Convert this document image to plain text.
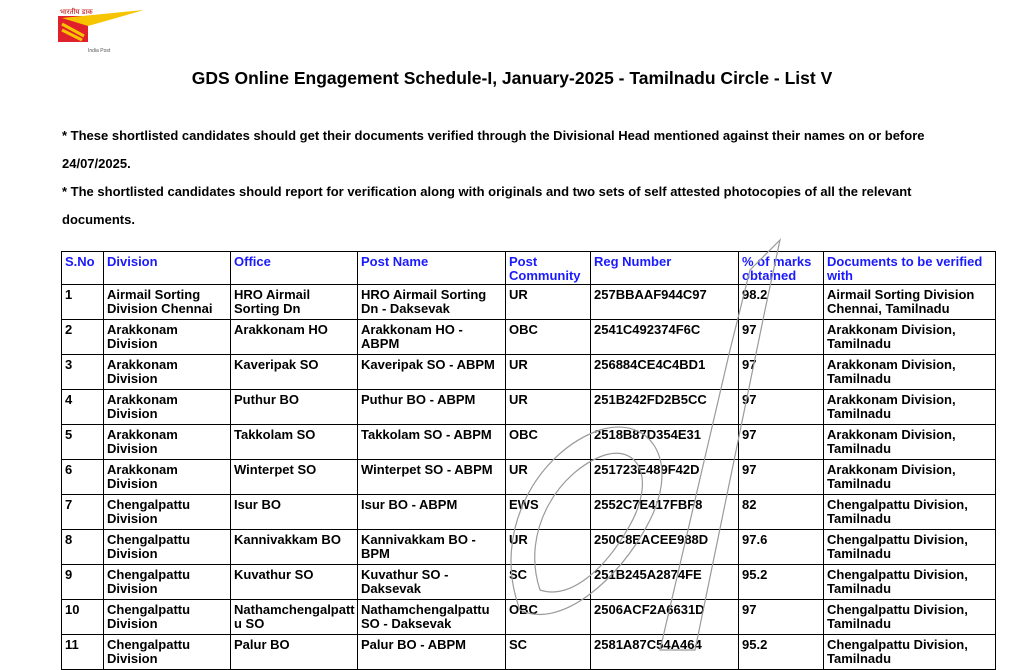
भारतीय डाक
India Post
GDS Online Engagement Schedule-I, January-2025 - Tamilnadu Circle - List V
* These shortlisted candidates should get their documents verified through the Divisional Head mentioned against their names on or before 24/07/2025.
* The shortlisted candidates should report for verification along with originals and two sets of self attested photocopies of all the relevant documents.
S.No	Division	Office	Post Name	Post Community	Reg Number	% of marks obtained	Documents to be verified with
1	Airmail Sorting Division Chennai	HRO Airmail Sorting Dn	HRO Airmail Sorting Dn - Daksevak	UR	257BBAAF944C97	98.2	Airmail Sorting Division Chennai, Tamilnadu
2	Arakkonam Division	Arakkonam HO	Arakkonam HO - ABPM	OBC	2541C492374F6C	97	Arakkonam Division, Tamilnadu
3	Arakkonam Division	Kaveripak SO	Kaveripak SO - ABPM	UR	256884CE4C4BD1	97	Arakkonam Division, Tamilnadu
4	Arakkonam Division	Puthur BO	Puthur BO - ABPM	UR	251B242FD2B5CC	97	Arakkonam Division, Tamilnadu
5	Arakkonam Division	Takkolam SO	Takkolam SO - ABPM	OBC	2518B87D354E31	97	Arakkonam Division, Tamilnadu
6	Arakkonam Division	Winterpet SO	Winterpet SO - ABPM	UR	251723E489F42D	97	Arakkonam Division, Tamilnadu
7	Chengalpattu Division	Isur BO	Isur BO - ABPM	EWS	2552C7E417FBF8	82	Chengalpattu Division, Tamilnadu
8	Chengalpattu Division	Kannivakkam BO	Kannivakkam BO - BPM	UR	250C8EACEE988D	97.6	Chengalpattu Division, Tamilnadu
9	Chengalpattu Division	Kuvathur SO	Kuvathur SO - Daksevak	SC	251B245A2874FE	95.2	Chengalpattu Division, Tamilnadu
10	Chengalpattu Division	Nathamchengalpattu SO	Nathamchengalpattu SO - Daksevak	OBC	2506ACF2A6631D	97	Chengalpattu Division, Tamilnadu
11	Chengalpattu Division	Palur BO	Palur BO - ABPM	SC	2581A87C54A464	95.2	Chengalpattu Division, Tamilnadu
